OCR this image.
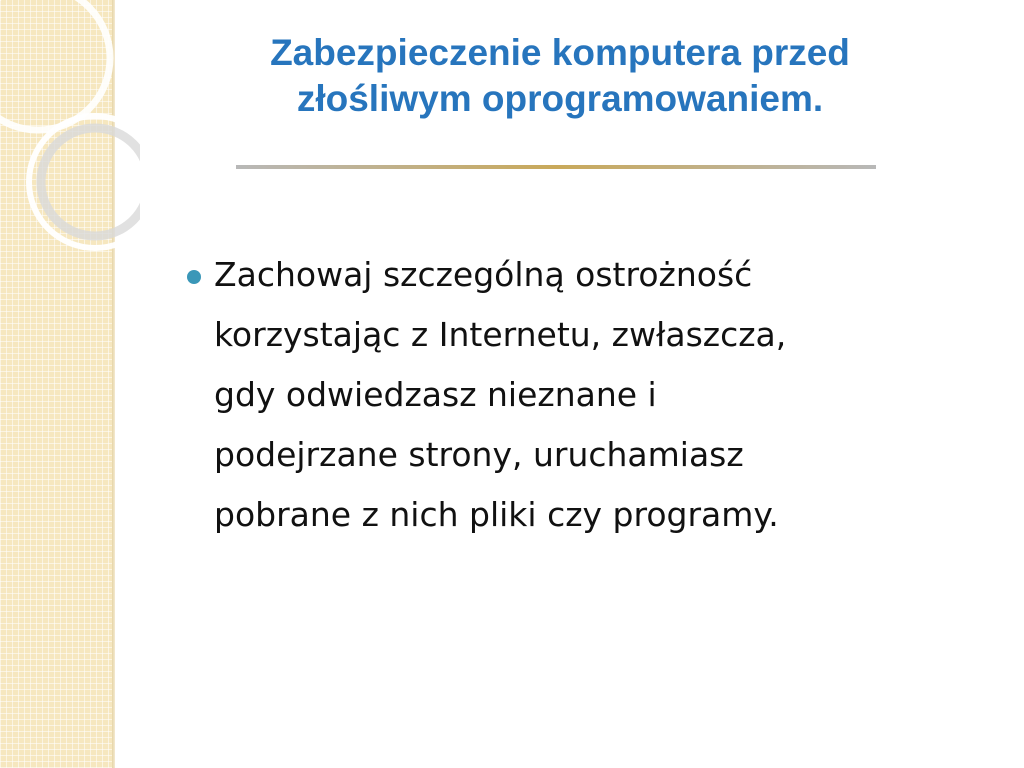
Zabezpieczenie komputera przed
złośliwym oprogramowaniem.
Zachowaj szczególną ostrożność
korzystając z Internetu, zwłaszcza,
gdy odwiedzasz nieznane i
podejrzane strony, uruchamiasz
pobrane z nich pliki czy programy.
